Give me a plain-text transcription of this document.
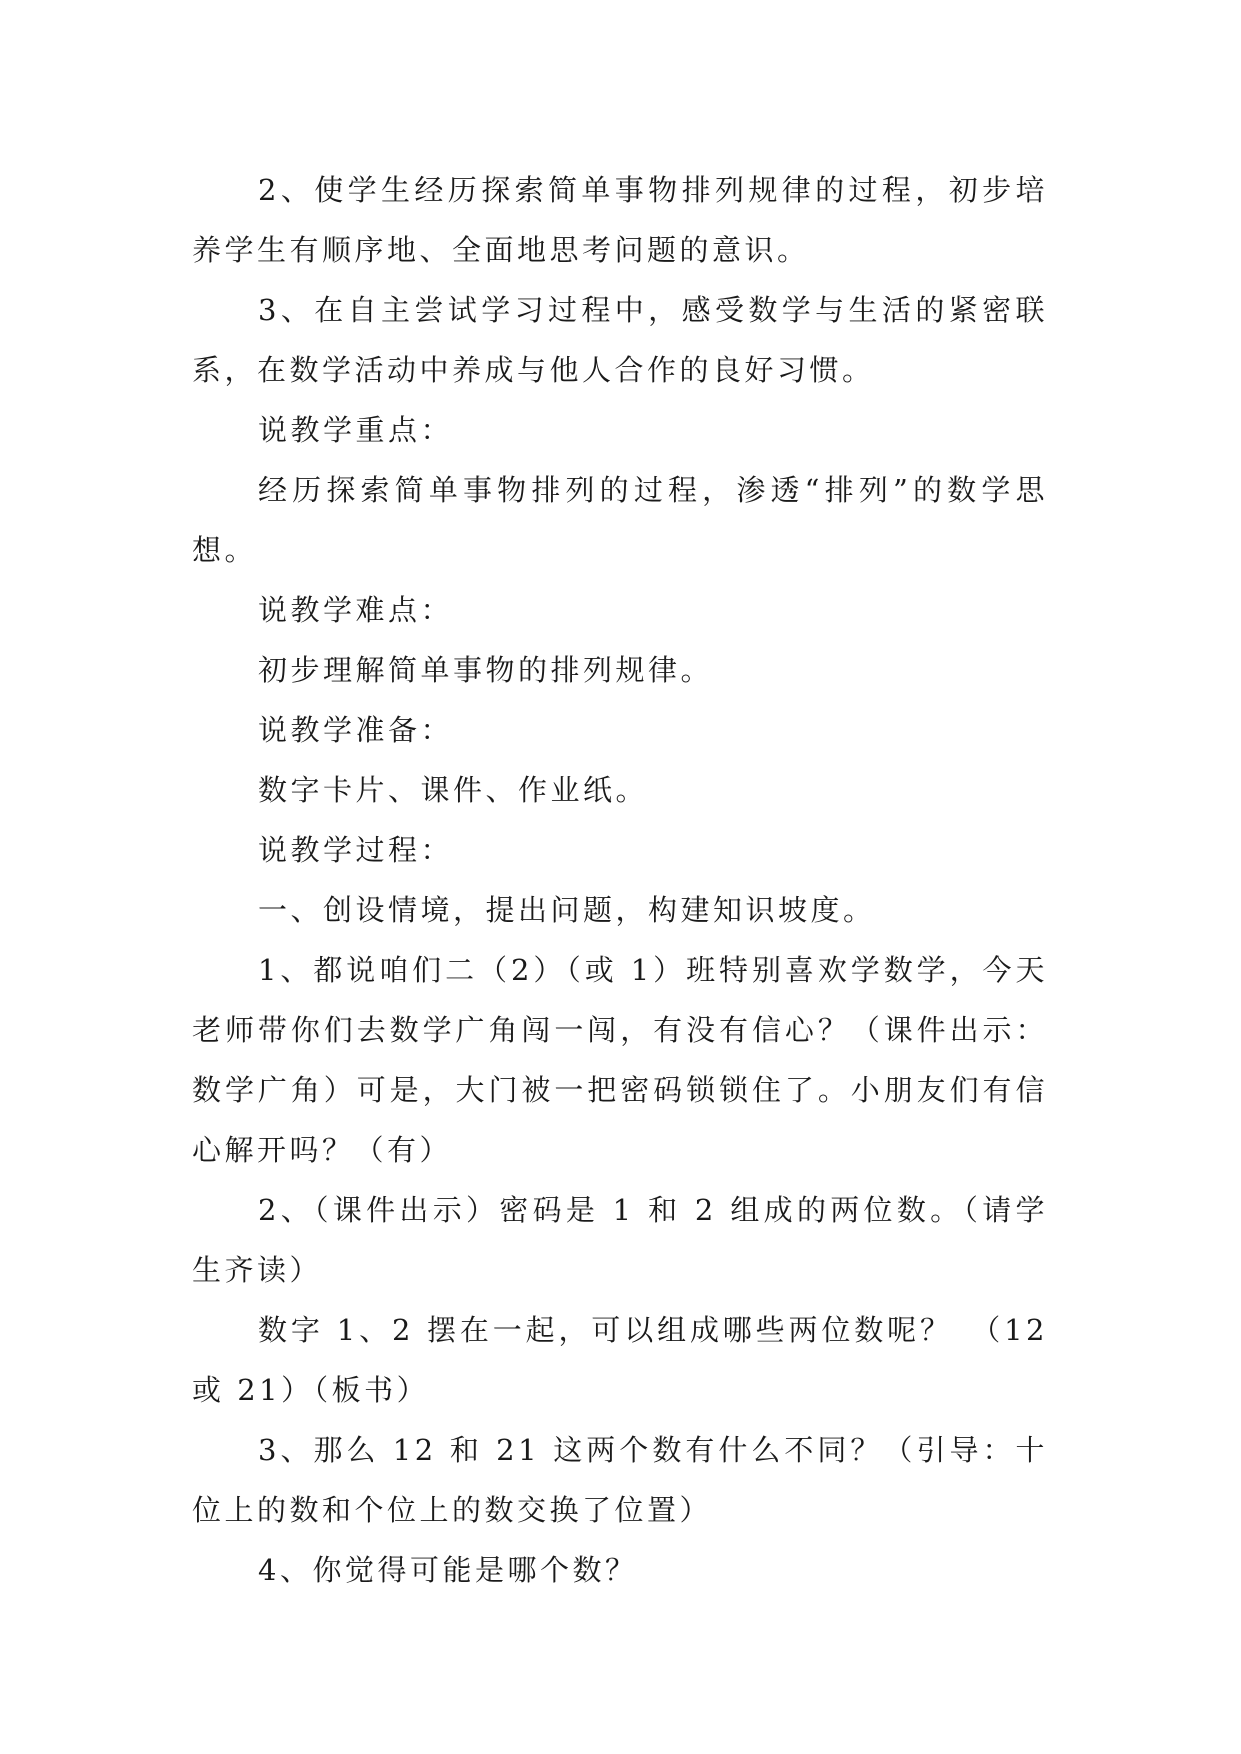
2、使学生经历探索简单事物排列规律的过程，初步培养学生有顺序地、全面地思考问题的意识。

3、在自主尝试学习过程中，感受数学与生活的紧密联系，在数学活动中养成与他人合作的良好习惯。

说教学重点：

经历探索简单事物排列的过程，渗透“排列”的数学思想。

说教学难点：

初步理解简单事物的排列规律。

说教学准备：

数字卡片、课件、作业纸。

说教学过程：

一、创设情境，提出问题，构建知识坡度。

1、都说咱们二（2）（或 1）班特别喜欢学数学，今天老师带你们去数学广角闯一闯，有没有信心？（课件出示：数学广角）可是，大门被一把密码锁锁住了。小朋友们有信心解开吗？（有）

2、（课件出示）密码是 1 和 2 组成的两位数。（请学生齐读）

数字 1、2 摆在一起，可以组成哪些两位数呢？　（12 或 21）（板书）

3、那么 12 和 21 这两个数有什么不同？（引导：十位上的数和个位上的数交换了位置）

4、你觉得可能是哪个数？
